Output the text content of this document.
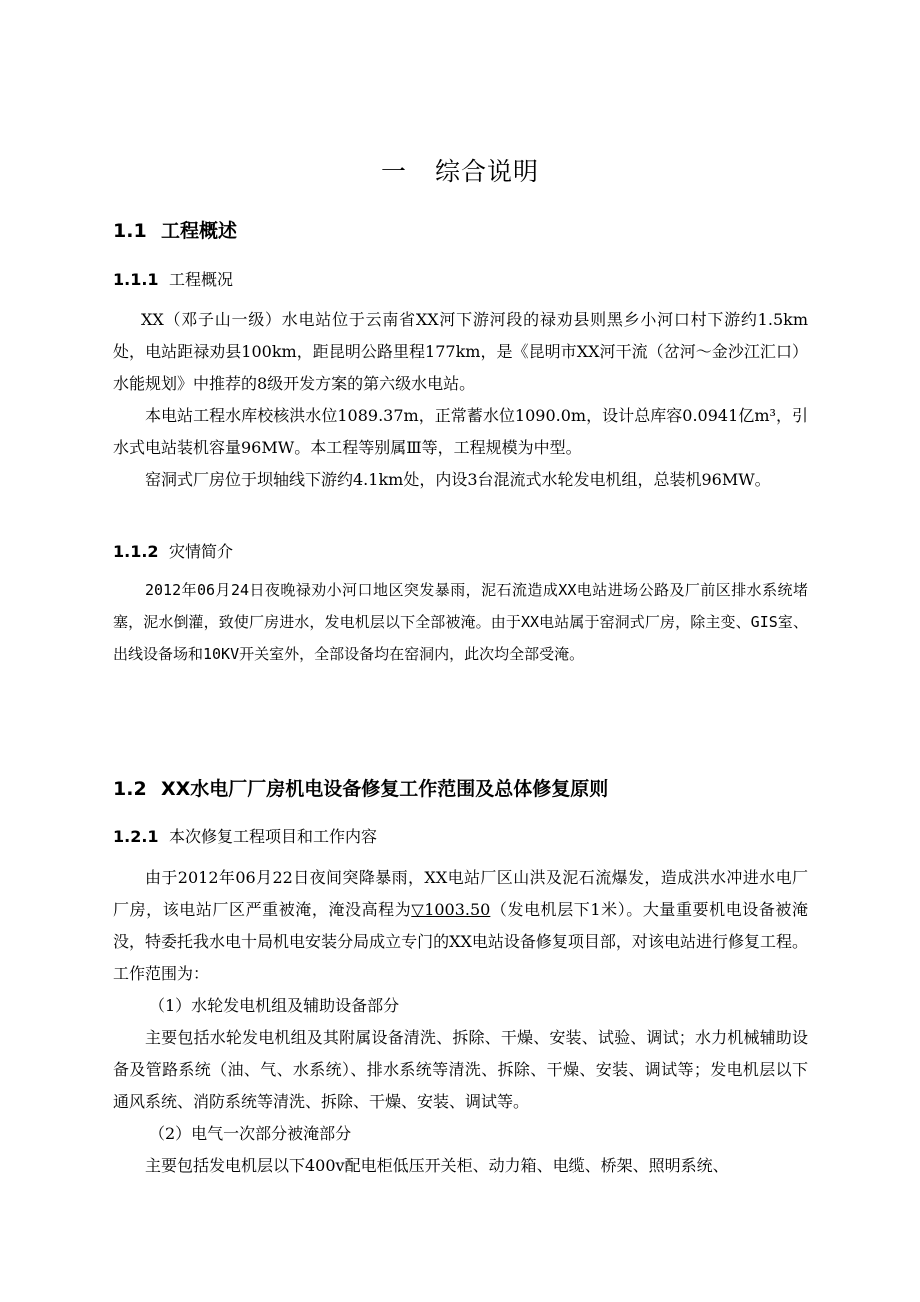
一 综合说明
1.1 工程概述
1.1.1 工程概况

XX（邓子山一级）水电站位于云南省XX河下游河段的禄劝县则黑乡小河口村下游约1.5km处，电站距禄劝县100km，距昆明公路里程177km，是《昆明市XX河干流（岔河～金沙江汇口）水能规划》中推荐的8级开发方案的第六级水电站。

本电站工程水库校核洪水位1089.37m，正常蓄水位1090.0m，设计总库容0.0941亿m³，引水式电站装机容量96MW。本工程等别属Ⅲ等，工程规模为中型。

窑洞式厂房位于坝轴线下游约4.1km处，内设3台混流式水轮发电机组，总装机96MW。

1.1.2 灾情简介

2012年06月24日夜晚禄劝小河口地区突发暴雨，泥石流造成XX电站进场公路及厂前区排水系统堵塞，泥水倒灌，致使厂房进水，发电机层以下全部被淹。由于XX电站属于窑洞式厂房，除主变、GIS室、出线设备场和10KV开关室外，全部设备均在窑洞内，此次均全部受淹。

1.2 XX水电厂厂房机电设备修复工作范围及总体修复原则
1.2.1 本次修复工程项目和工作内容

由于2012年06月22日夜间突降暴雨，XX电站厂区山洪及泥石流爆发，造成洪水冲进水电厂厂房，该电站厂区严重被淹，淹没高程为▽1003.50（发电机层下1米）。大量重要机电设备被淹没，特委托我水电十局机电安装分局成立专门的XX电站设备修复项目部，对该电站进行修复工程。工作范围为：

（1）水轮发电机组及辅助设备部分

主要包括水轮发电机组及其附属设备清洗、拆除、干燥、安装、试验、调试；水力机械辅助设备及管路系统（油、气、水系统）、排水系统等清洗、拆除、干燥、安装、调试等；发电机层以下通风系统、消防系统等清洗、拆除、干燥、安装、调试等。

（2）电气一次部分被淹部分

主要包括发电机层以下400v配电柜低压开关柜、动力箱、电缆、桥架、照明系统、
